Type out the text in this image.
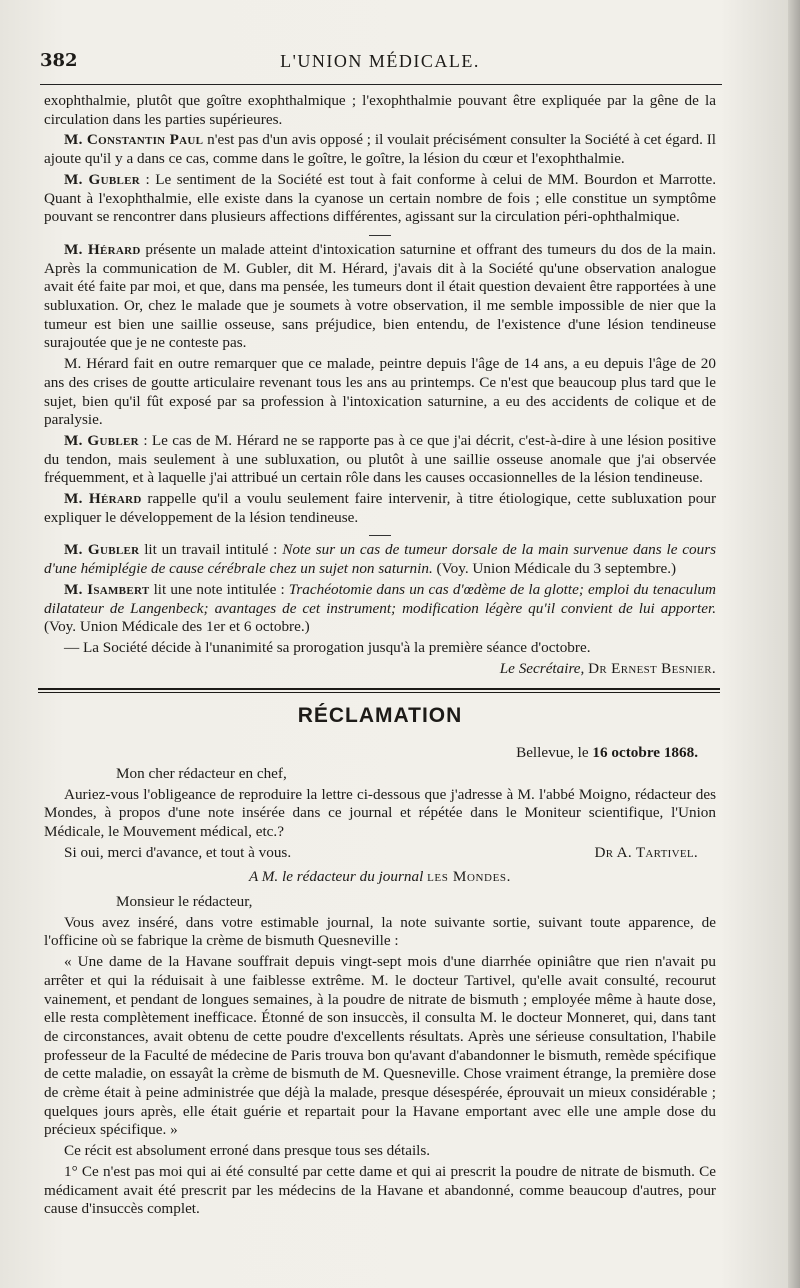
382	L'UNION MÉDICALE.

exophthalmie, plutôt que goître exophthalmique ; l'exophthalmie pouvant être expliquée par la gêne de la circulation dans les parties supérieures.

M. Constantin Paul n'est pas d'un avis opposé ; il voulait précisément consulter la Société à cet égard. Il ajoute qu'il y a dans ce cas, comme dans le goître, le goître, la lésion du cœur et l'exophthalmie.

M. Gubler : Le sentiment de la Société est tout à fait conforme à celui de MM. Bourdon et Marrotte. Quant à l'exophthalmie, elle existe dans la cyanose un certain nombre de fois ; elle constitue un symptôme pouvant se rencontrer dans plusieurs affections différentes, agissant sur la circulation péri-ophthalmique.

M. Hérard présente un malade atteint d'intoxication saturnine et offrant des tumeurs du dos de la main. Après la communication de M. Gubler, dit M. Hérard, j'avais dit à la Société qu'une observation analogue avait été faite par moi, et que, dans ma pensée, les tumeurs dont il était question devaient être rapportées à une subluxation. Or, chez le malade que je soumets à votre observation, il me semble impossible de nier que la tumeur est bien une saillie osseuse, sans préjudice, bien entendu, de l'existence d'une lésion tendineuse surajoutée que je ne conteste pas.

M. Hérard fait en outre remarquer que ce malade, peintre depuis l'âge de 14 ans, a eu depuis l'âge de 20 ans des crises de goutte articulaire revenant tous les ans au printemps. Ce n'est que beaucoup plus tard que le sujet, bien qu'il fût exposé par sa profession à l'intoxication saturnine, a eu des accidents de colique et de paralysie.

M. Gubler : Le cas de M. Hérard ne se rapporte pas à ce que j'ai décrit, c'est-à-dire à une lésion positive du tendon, mais seulement à une subluxation, ou plutôt à une saillie osseuse anomale que j'ai observée fréquemment, et à laquelle j'ai attribué un certain rôle dans les causes occasionnelles de la lésion tendineuse.

M. Hérard rappelle qu'il a voulu seulement faire intervenir, à titre étiologique, cette subluxation pour expliquer le développement de la lésion tendineuse.

M. Gubler lit un travail intitulé : Note sur un cas de tumeur dorsale de la main survenue dans le cours d'une hémiplégie de cause cérébrale chez un sujet non saturnin. (Voy. Union Médicale du 3 septembre.)

M. Isambert lit une note intitulée : Trachéotomie dans un cas d'œdème de la glotte; emploi du tenaculum dilatateur de Langenbeck; avantages de cet instrument; modification légère qu'il convient de lui apporter. (Voy. Union Médicale des 1er et 6 octobre.)

— La Société décide à l'unanimité sa prorogation jusqu'à la première séance d'octobre.

Le Secrétaire, Dr Ernest Besnier.
RÉCLAMATION
Bellevue, le 16 octobre 1868.

Mon cher rédacteur en chef,

Auriez-vous l'obligeance de reproduire la lettre ci-dessous que j'adresse à M. l'abbé Moigno, rédacteur des Mondes, à propos d'une note insérée dans ce journal et répétée dans le Moniteur scientifique, l'Union Médicale, le Mouvement médical, etc.?

Si oui, merci d'avance, et tout à vous.	Dr A. Tartivel.

A M. le rédacteur du journal les Mondes.

Monsieur le rédacteur,

Vous avez inséré, dans votre estimable journal, la note suivante sortie, suivant toute apparence, de l'officine où se fabrique la crème de bismuth Quesneville :

« Une dame de la Havane souffrait depuis vingt-sept mois d'une diarrhée opiniâtre que rien n'avait pu arrêter et qui la réduisait à une faiblesse extrême. M. le docteur Tartivel, qu'elle avait consulté, recourut vainement, et pendant de longues semaines, à la poudre de nitrate de bismuth ; employée même à haute dose, elle resta complètement inefficace. Étonné de son insuccès, il consulta M. le docteur Monneret, qui, dans tant de circonstances, avait obtenu de cette poudre d'excellents résultats. Après une sérieuse consultation, l'habile professeur de la Faculté de médecine de Paris trouva bon qu'avant d'abandonner le bismuth, remède spécifique de cette maladie, on essayât la crème de bismuth de M. Quesneville. Chose vraiment étrange, la première dose de crème était à peine administrée que déjà la malade, presque désespérée, éprouvait un mieux considérable ; quelques jours après, elle était guérie et repartait pour la Havane emportant avec elle une ample dose du précieux spécifique. »

Ce récit est absolument erroné dans presque tous ses détails.

1° Ce n'est pas moi qui ai été consulté par cette dame et qui ai prescrit la poudre de nitrate de bismuth. Ce médicament avait été prescrit par les médecins de la Havane et abandonné, comme beaucoup d'autres, pour cause d'insuccès complet.
